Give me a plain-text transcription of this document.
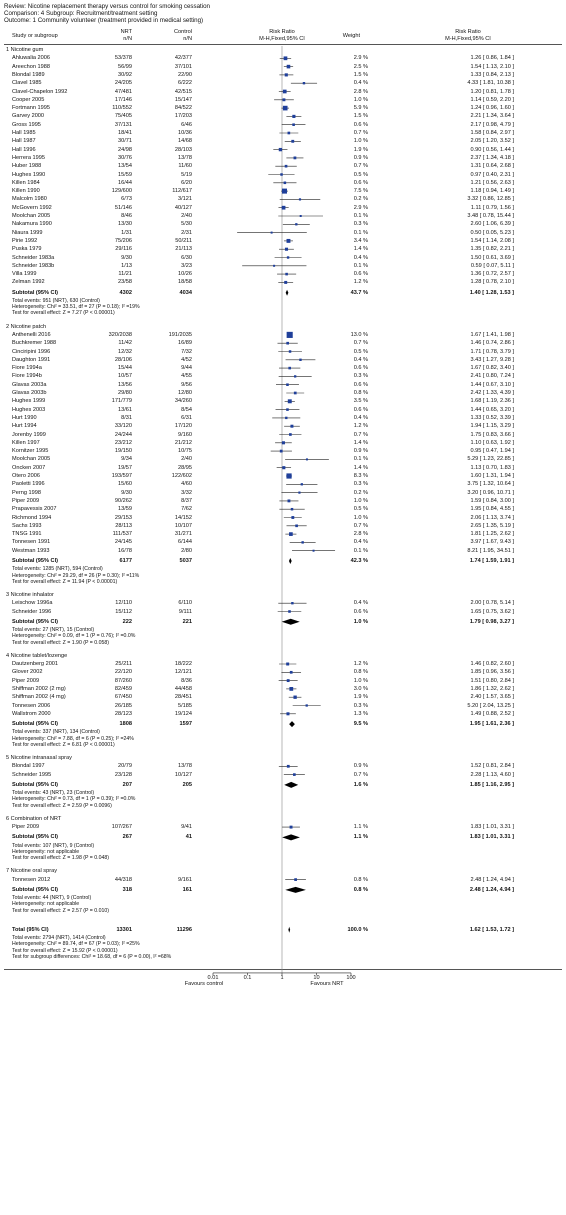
Review: Nicotine replacement therapy versus control for smoking cessation
Comparison: 4 Subgroup: Recruitment/treatment setting
Outcome: 1 Community volunteer (treatment provided in medical setting)
Study or subgroup
NRT
n/N
Control
n/N
Risk Ratio
M-H,Fixed,95% CI	Weight
Risk Ratio
M-H,Fixed,95% CI
1 Nicotine gum
Ahluwalia 2006	53/378	42/377	2.9 %	1.26 [ 0.86, 1.84 ]
Areechon 1988	56/99	37/101	2.5 %	1.54 [ 1.13, 2.10 ]
Blondal 1989	30/92	22/90	1.5 %	1.33 [ 0.84, 2.13 ]
Clavel 1985	24/205	6/222	0.4 %	4.33 [ 1.81, 10.38 ]
Clavel-Chapelon 1992	47/481	42/515	2.8 %	1.20 [ 0.81, 1.78 ]
Cooper 2005	17/146	15/147	1.0 %	1.14 [ 0.59, 2.20 ]
Fortmann 1995	110/552	84/522	5.9 %	1.24 [ 0.96, 1.60 ]
Garvey 2000	75/405	17/203	1.5 %	2.21 [ 1.34, 3.64 ]
Gross 1995	37/131	6/46	0.6 %	2.17 [ 0.98, 4.79 ]
Hall 1985	18/41	10/36	0.7 %	1.58 [ 0.84, 2.97 ]
Hall 1987	30/71	14/68	1.0 %	2.05 [ 1.20, 3.52 ]
Hall 1996	24/98	28/103	1.9 %	0.90 [ 0.56, 1.44 ]
Herrera 1995	30/76	13/78	0.9 %	2.37 [ 1.34, 4.18 ]
Huber 1988	13/54	11/60	0.7 %	1.31 [ 0.64, 2.68 ]
Hughes 1990	15/59	5/19	0.5 %	0.97 [ 0.40, 2.31 ]
Killen 1984	16/44	6/20	0.6 %	1.21 [ 0.56, 2.63 ]
Killen 1990	129/600	112/617	7.5 %	1.18 [ 0.94, 1.49 ]
Malcolm 1980	6/73	3/121	0.2 %	3.32 [ 0.86, 12.85 ]
McGovern 1992	51/146	40/127	2.9 %	1.11 [ 0.79, 1.56 ]
Moolchan 2005	8/46	2/40	0.1 %	3.48 [ 0.78, 15.44 ]
Nakamura 1990	13/30	5/30	0.3 %	2.60 [ 1.06, 6.39 ]
Niaura 1999	1/31	2/31	0.1 %	0.50 [ 0.05, 5.23 ]
Pirie 1992	75/206	50/211	3.4 %	1.54 [ 1.14, 2.08 ]
Puska 1979	29/116	21/113	1.4 %	1.35 [ 0.82, 2.21 ]
Schneider 1983a	9/30	6/30	0.4 %	1.50 [ 0.61, 3.69 ]
Schneider 1983b	1/13	3/23	0.1 %	0.59 [ 0.07, 5.11 ]
Villa 1999	11/21	10/26	0.6 %	1.36 [ 0.72, 2.57 ]
Zelman 1992	23/58	18/58	1.2 %	1.28 [ 0.78, 2.10 ]
Subtotal (95% CI)	4302	4034	43.7 %	1.40 [ 1.28, 1.53 ]
Total events: 951 (NRT), 630 (Control)
Heterogeneity: Chi² = 33.51, df = 27 (P = 0.18); I² =19%
Test for overall effect: Z = 7.27 (P < 0.00001)
2 Nicotine patch
Anthenelli 2016	320/2038	191/2035	13.0 %	1.67 [ 1.41, 1.98 ]
Buchkremer 1988	11/42	16/89	0.7 %	1.46 [ 0.74, 2.86 ]
Cinciripini 1996	12/32	7/32	0.5 %	1.71 [ 0.78, 3.79 ]
Daughton 1991	28/106	4/52	0.4 %	3.43 [ 1.27, 9.28 ]
Fiore 1994a	15/44	9/44	0.6 %	1.67 [ 0.82, 3.40 ]
Fiore 1994b	10/57	4/55	0.3 %	2.41 [ 0.80, 7.24 ]
Glavas 2003a	13/56	9/56	0.6 %	1.44 [ 0.67, 3.10 ]
Glavas 2003b	29/80	12/80	0.8 %	2.42 [ 1.33, 4.39 ]
Hughes 1999	171/779	34/260	3.5 %	1.68 [ 1.19, 2.36 ]
Hughes 2003	13/61	8/54	0.6 %	1.44 [ 0.65, 3.20 ]
Hurt 1990	8/31	6/31	0.4 %	1.33 [ 0.52, 3.39 ]
Hurt 1994	33/120	17/120	1.2 %	1.94 [ 1.15, 3.29 ]
Jorenby 1999	24/244	9/160	0.7 %	1.75 [ 0.83, 3.66 ]
Killen 1997	23/212	21/212	1.4 %	1.10 [ 0.63, 1.92 ]
Kornitzer 1995	19/150	10/75	0.9 %	0.95 [ 0.47, 1.94 ]
Moolchan 2005	9/34	2/40	0.1 %	5.29 [ 1.23, 22.85 ]
Oncken 2007	19/57	28/95	1.4 %	1.13 [ 0.70, 1.83 ]
Otero 2006	193/597	122/602	8.3 %	1.60 [ 1.31, 1.94 ]
Paoletti 1996	15/60	4/60	0.3 %	3.75 [ 1.32, 10.64 ]
Perng 1998	9/30	3/32	0.2 %	3.20 [ 0.96, 10.71 ]
Piper 2009	90/262	8/37	1.0 %	1.59 [ 0.84, 3.00 ]
Prapavessis 2007	13/59	7/62	0.5 %	1.95 [ 0.84, 4.55 ]
Richmond 1994	29/153	14/152	1.0 %	2.06 [ 1.13, 3.74 ]
Sachs 1993	28/113	10/107	0.7 %	2.65 [ 1.35, 5.19 ]
TNSG 1991	111/537	31/271	2.8 %	1.81 [ 1.25, 2.62 ]
Tonnesen 1991	24/145	6/144	0.4 %	3.97 [ 1.67, 9.43 ]
Westman 1993	16/78	2/80	0.1 %	8.21 [ 1.95, 34.51 ]
Subtotal (95% CI)	6177	5037	42.3 %	1.74 [ 1.59, 1.91 ]
Total events: 1285 (NRT), 594 (Control)
Heterogeneity: Chi² = 29.29, df = 26 (P = 0.30); I² =11%
Test for overall effect: Z = 11.94 (P < 0.00001)
3 Nicotine inhalator
Leischow 1996a	12/110	6/110	0.4 %	2.00 [ 0.78, 5.14 ]
Schneider 1996	15/112	9/111	0.6 %	1.65 [ 0.75, 3.62 ]
Subtotal (95% CI)	222	221	1.0 %	1.79 [ 0.98, 3.27 ]
Total events: 27 (NRT), 15 (Control)
Heterogeneity: Chi² = 0.09, df = 1 (P = 0.76); I² =0.0%
Test for overall effect: Z = 1.90 (P = 0.058)
4 Nicotine tablet/lozenge
Dautzenberg 2001	25/211	18/222	1.2 %	1.46 [ 0.82, 2.60 ]
Glover 2002	22/120	12/121	0.8 %	1.85 [ 0.96, 3.56 ]
Piper 2009	87/260	8/36	1.0 %	1.51 [ 0.80, 2.84 ]
Shiffman 2002 (2 mg)	82/459	44/458	3.0 %	1.86 [ 1.32, 2.62 ]
Shiffman 2002 (4 mg)	67/450	28/451	1.9 %	2.40 [ 1.57, 3.65 ]
Tonnesen 2006	26/185	5/185	0.3 %	5.20 [ 2.04, 13.25 ]
Wallstrom 2000	28/123	19/124	1.3 %	1.49 [ 0.88, 2.52 ]
Subtotal (95% CI)	1808	1597	9.5 %	1.95 [ 1.61, 2.36 ]
Total events: 337 (NRT), 134 (Control)
Heterogeneity: Chi² = 7.88, df = 6 (P = 0.25); I² =24%
Test for overall effect: Z = 6.81 (P < 0.00001)
5 Nicotine intranasal spray
Blondal 1997	20/79	13/78	0.9 %	1.52 [ 0.81, 2.84 ]
Schneider 1995	23/128	10/127	0.7 %	2.28 [ 1.13, 4.60 ]
Subtotal (95% CI)	207	205	1.6 %	1.85 [ 1.16, 2.95 ]
Total events: 43 (NRT), 23 (Control)
Heterogeneity: Chi² = 0.73, df = 1 (P = 0.39); I² =0.0%
Test for overall effect: Z = 2.59 (P = 0.0096)
6 Combination of NRT
Piper 2009	107/267	9/41	1.1 %	1.83 [ 1.01, 3.31 ]
Subtotal (95% CI)	267	41	1.1 %	1.83 [ 1.01, 3.31 ]
Total events: 107 (NRT), 9 (Control)
Heterogeneity: not applicable
Test for overall effect: Z = 1.98 (P = 0.048)
7 Nicotine oral spray
Tonnesen 2012	44/318	9/161	0.8 %	2.48 [ 1.24, 4.94 ]
Subtotal (95% CI)	318	161	0.8 %	2.48 [ 1.24, 4.94 ]
Total events: 44 (NRT), 9 (Control)
Heterogeneity: not applicable
Test for overall effect: Z = 2.57 (P = 0.010)
Total (95% CI)	13301	11296	100.0 %	1.62 [ 1.53, 1.72 ]
Total events: 2794 (NRT), 1414 (Control)
Heterogeneity: Chi² = 89.74, df = 67 (P = 0.03); I² =25%
Test for overall effect: Z = 15.92 (P < 0.00001)
Test for subgroup differences: Chi² = 18.68, df = 6 (P = 0.00), I² =68%
0.01	0.1	1	10	100
Favours control	Favours NRT
